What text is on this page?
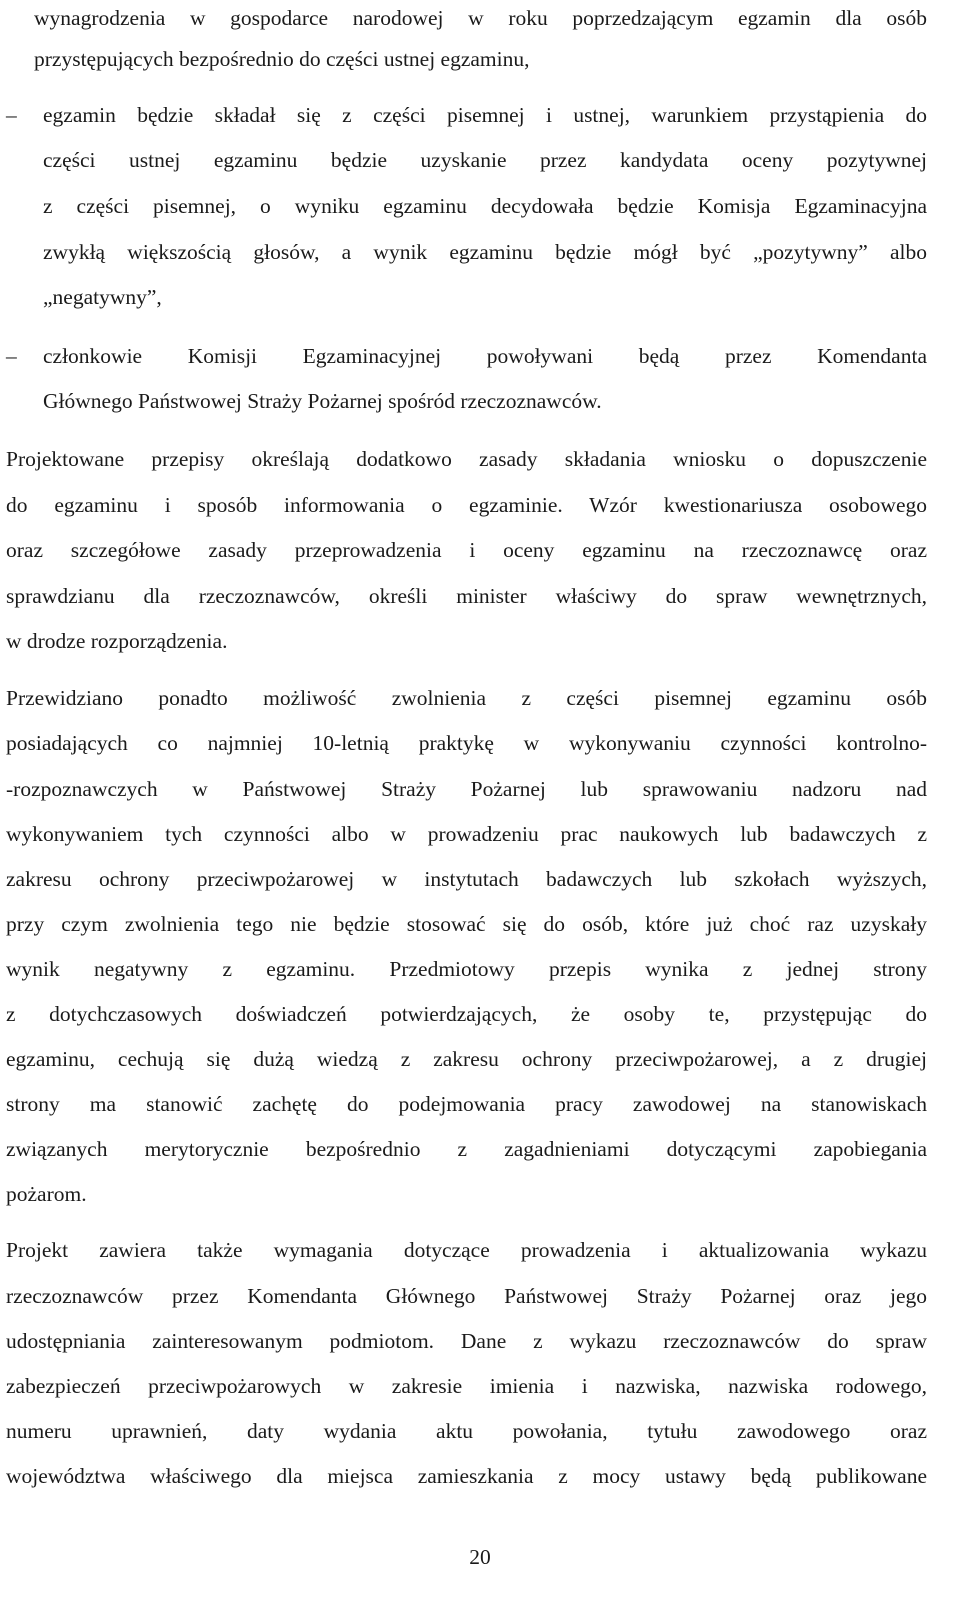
wynagrodzenia w gospodarce narodowej w roku poprzedzającym egzamin dla osób
przystępujących bezpośrednio do części ustnej egzaminu,
–	egzamin będzie składał się z części pisemnej i ustnej, warunkiem przystąpienia do
części ustnej egzaminu będzie uzyskanie przez kandydata oceny pozytywnej
z części pisemnej, o wyniku egzaminu decydowała będzie Komisja Egzaminacyjna
zwykłą większością głosów, a wynik egzaminu będzie mógł być „pozytywny” albo
„negatywny”,
–	członkowie Komisji Egzaminacyjnej powoływani będą przez Komendanta
Głównego Państwowej Straży Pożarnej spośród rzeczoznawców.
Projektowane przepisy określają dodatkowo zasady składania wniosku o dopuszczenie
do egzaminu i sposób informowania o egzaminie. Wzór kwestionariusza osobowego
oraz szczegółowe zasady przeprowadzenia i oceny egzaminu na rzeczoznawcę oraz
sprawdzianu dla rzeczoznawców, określi minister właściwy do spraw wewnętrznych,
w drodze rozporządzenia.
Przewidziano ponadto możliwość zwolnienia z części pisemnej egzaminu osób
posiadających co najmniej 10-letnią praktykę w wykonywaniu czynności kontrolno-
-rozpoznawczych w Państwowej Straży Pożarnej lub sprawowaniu nadzoru nad
wykonywaniem tych czynności albo w prowadzeniu prac naukowych lub badawczych z
zakresu ochrony przeciwpożarowej w instytutach badawczych lub szkołach wyższych,
przy czym zwolnienia tego nie będzie stosować się do osób, które już choć raz uzyskały
wynik negatywny z egzaminu. Przedmiotowy przepis wynika z jednej strony
z dotychczasowych doświadczeń potwierdzających, że osoby te, przystępując do
egzaminu, cechują się dużą wiedzą z zakresu ochrony przeciwpożarowej, a z drugiej
strony ma stanowić zachętę do podejmowania pracy zawodowej na stanowiskach
związanych merytorycznie bezpośrednio z zagadnieniami dotyczącymi zapobiegania
pożarom.
Projekt zawiera także wymagania dotyczące prowadzenia i aktualizowania wykazu
rzeczoznawców przez Komendanta Głównego Państwowej Straży Pożarnej oraz jego
udostępniania zainteresowanym podmiotom. Dane z wykazu rzeczoznawców do spraw
zabezpieczeń przeciwpożarowych w zakresie imienia i nazwiska, nazwiska rodowego,
numeru uprawnień, daty wydania aktu powołania, tytułu zawodowego oraz
województwa właściwego dla miejsca zamieszkania z mocy ustawy będą publikowane
20
